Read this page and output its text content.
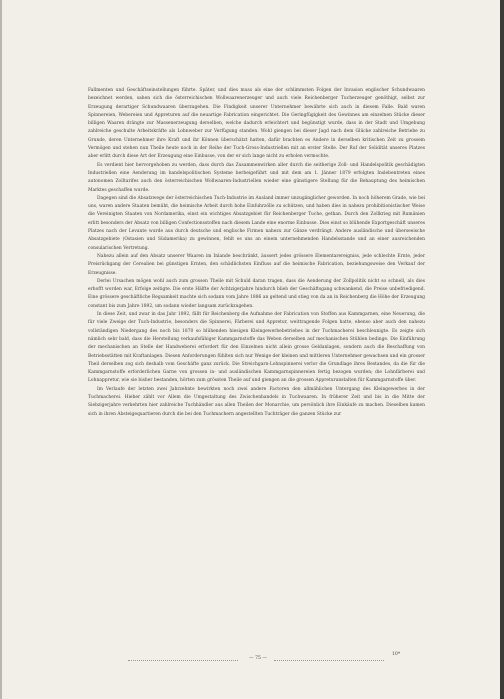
Fallmenten und Geschäftseinstellungen führte. Später, und dies muss als eine der schlimmsten Folgen der Invasion englischer Schundwaaren bezeichnet werden, sahen sich die österreichischen Wollwaarenerzeuger und auch viele Reichenberger Tucherzeuger genöthigt, selbst zur Erzeugung derartiger Schundwaaren überzugehen. Die Findigkeit unserer Unternehmer bewährte sich auch in diesem Falle. Bald waren Spinnereien, Webereien und Appreturen auf die neuartige Fabrication eingerichtet. Die Geringfügigkeit des Gewinnes am einzelnen Stücke dieser billigen Waaren drängte zur Massenerzeugung derselben, welche dadurch erleichtert und begünstigt wurde, dass in der Stadt und Umgebung zahlreiche geschulte Arbeitskräfte als Lohnweber zur Verfügung standen. Wohl giengen bei dieser Jagd nach dem Glücke zahlreiche Betriebe zu Grunde, deren Unternehmer ihre Kraft und ihr Können überschätzt hatten, dafür brachten es Andere in derselben kritischen Zeit zu grossem Vermögen und stehen nun Theile heute noch in der Reihe der Tuch-Gross-Industriellen mit an erster Stelle. Der Ruf der Solidität unseres Platzes aber erlitt durch diese Art der Erzeugung eine Einbusse, von der er sich lange nicht zu erholen vermochte.

Es verdient hier hervorgehoben zu werden, dass durch das Zusammenwirken aller durch die seitherige Zoll- und Handelspolitik geschädigten Industriellen eine Aenderung im handelspolitischen Systeme herbeigeführt und mit dem am 1. Jänner 1879 erfolgten Inslebentreten eines autonomen Zolltarifes auch den österreichischen Wollwaaren-Industriellen wieder eine günstigere Stellung für die Behauptung des heimischen Marktes geschaffen wurde.

Dagegen sind die Absatzwege der österreichischen Tuch-Industrie im Ausland immer unzugänglicher geworden. In noch höherem Grade, wie bei uns, waren andere Staaten bemüht, die heimische Arbeit durch hohe Einfuhrzölle zu schützen, und haben dies in nahezu prohibitionistischer Weise die Vereinigten Staaten von Nordamerika, einst ein wichtiges Absatzgebiet für Reichenberger Tuche, gethan. Durch den Zollkrieg mit Rumänien erlitt besonders der Absatz von billigen Confectionsstoffen nach diesem Lande eine enorme Einbusse. Dies einst so blühende Exportgeschäft unseres Platzes nach der Levante wurde aus durch deutsche und englische Firmen nahezu zur Gänze verdrängt. Andere ausländische und überseeische Absatzgebiete (Ostasien und Südamerika) zu gewinnen, fehlt es uns an einem unternehmenden Handelsstande und an einer ausreichenden consularischen Vertretung.

Nahezu allein auf den Absatz unserer Waaren im Inlande beschränkt, äussert jedes grössere Elementarereigniss, jede schlechte Ernte, jeder Preisrückgang der Cerealien bei günstigen Ernten, den schädlichsten Einfluss auf die heimische Fabrication, beziehungsweise den Verkauf der Erzeugnisse.

Derlei Ursachen mögen wohl auch zum grossen Theile mit Schuld daran tragen, dass die Aenderung der Zollpolitik nicht so schnell, als dies erhofft worden war, Erfolge zeitigte. Die erste Hälfte der Achtzigerjahre hindurch blieb der Geschäftsgang schwankend, die Preise unbefriedigend. Eine grössere geschäftliche Regsamkeit machte sich sodann vom Jahre 1886 an geltend und stieg von da an in Reichenberg die Höhe der Erzeugung constant bis zum Jahre 1892, um sodann wieder langsam zurückzugehen.

In diese Zeit, und zwar in das Jahr 1892, fällt für Reichenberg die Aufnahme der Fabrication von Stoffen aus Kammgarnen, eine Neuerung, die für viele Zweige der Tuch-Industrie, besonders die Spinnerei, Färberei und Appretur, weittragende Folgen hatte, ebenso aber auch den nahezu vollständigen Niedergang des noch bis 1870 so blühenden hiesigen Kleingewerbebetriebes in der Tuchmacherei beschleunigte. Es zeigte sich nämlich sehr bald, dass die Herstellung verkaufsfähiger Kammgarnstoffe das Weben derselben auf mechanischen Stühlen bedinge. Die Einführung der mechanischen an Stelle der Handweberei erfordert für den Einzelnen nicht allein grosse Geldanlagen, sondern auch die Beschaffung von Betriebsstätten mit Kraftanlagen. Diesen Anforderungen fühlten sich nur Wenige der kleinen und mittleren Unternehmer gewachsen und ein grosser Theil derselben zog sich deshalb vom Geschäfte ganz zurück. Die Streichgarn-Lohnspinnerei verlor die Grundlage ihres Bestandes, da die für die Kammgarnstoffe erforderlichen Garne von grossen in- und ausländischen Kammgarnspinnereien fertig bezogen wurden; die Lohnfärberei und Lohnappretur, wie sie bisher bestanden, hörten zum grössten Theile auf und giengen an die grossen Appreturanstalten für Kammgarnstoffe über.

Im Verlaufe der letzten zwei Jahrzehnte bewirkten noch zwei andere Factoren den allmählichen Untergang des Kleingewerbes in der Tuchmacherei. Hieher zählt vor Allem die Umgestaltung des Zwischenhandels in Tuchwaaren. In früherer Zeit und bis in die Mitte der Siebzigerjahre verkehrten hier zahlreiche Tuchhändler aus allen Theilen der Monarchie, um persönlich ihre Einkäufe zu machen. Dieselben kamen sich in ihren Absteigequartieren durch die bei den Tuchmachern angestellten Tuchträger die ganzen Stücke zur

— 75 —
10*
